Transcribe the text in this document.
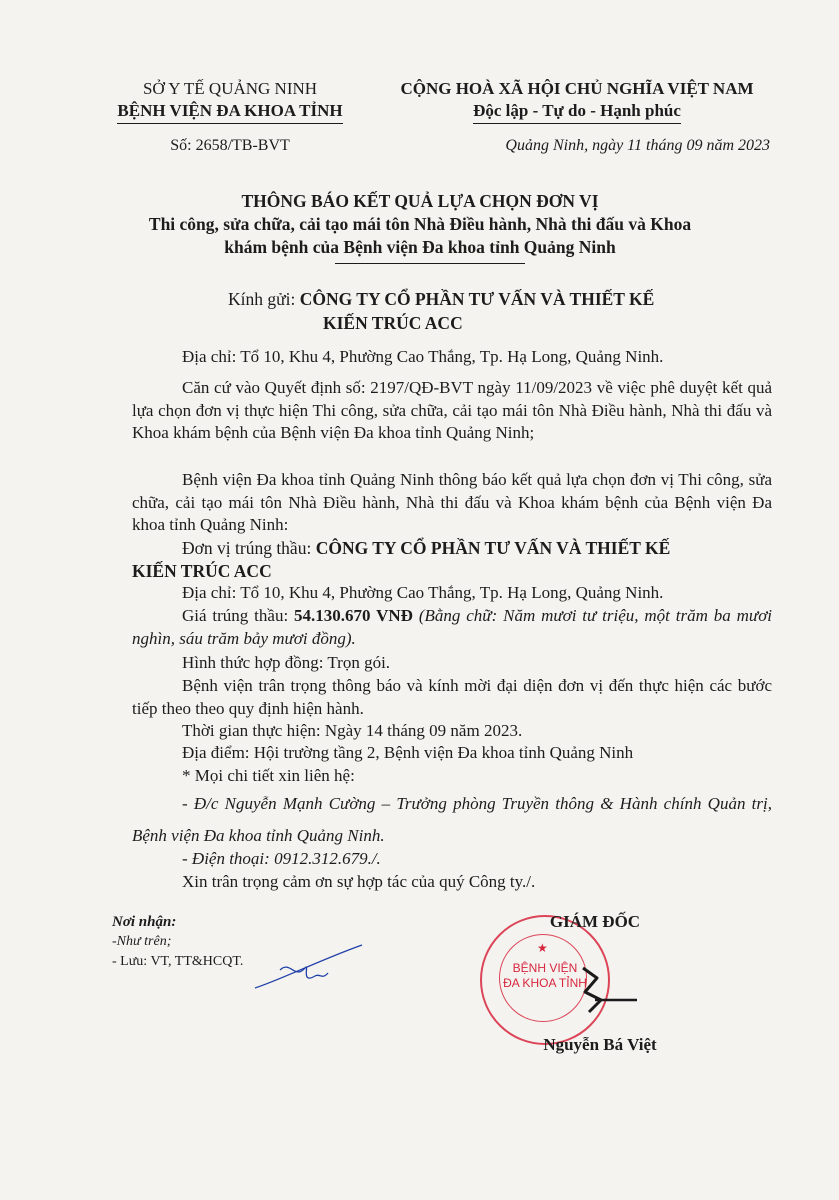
SỞ Y TẾ QUẢNG NINH
BỆNH VIỆN ĐA KHOA TỈNH
CỘNG HOÀ XÃ HỘI CHỦ NGHĨA VIỆT NAM
Độc lập - Tự do - Hạnh phúc
Số: 2658/TB-BVT	Quảng Ninh, ngày 11 tháng 09 năm 2023
THÔNG BÁO KẾT QUẢ LỰA CHỌN ĐƠN VỊ
Thi công, sửa chữa, cải tạo mái tôn Nhà Điều hành, Nhà thi đấu và Khoa
khám bệnh của Bệnh viện Đa khoa tỉnh Quảng Ninh
Kính gửi: CÔNG TY CỔ PHẦN TƯ VẤN VÀ THIẾT KẾ
KIẾN TRÚC ACC
Địa chỉ: Tổ 10, Khu 4, Phường Cao Thắng, Tp. Hạ Long, Quảng Ninh.
Căn cứ vào Quyết định số: 2197/QĐ-BVT ngày 11/09/2023 về việc phê duyệt kết quả lựa chọn đơn vị thực hiện Thi công, sửa chữa, cải tạo mái tôn Nhà Điều hành, Nhà thi đấu và Khoa khám bệnh của Bệnh viện Đa khoa tỉnh Quảng Ninh;
Bệnh viện Đa khoa tỉnh Quảng Ninh thông báo kết quả lựa chọn đơn vị Thi công, sửa chữa, cải tạo mái tôn Nhà Điều hành, Nhà thi đấu và Khoa khám bệnh của Bệnh viện Đa khoa tỉnh Quảng Ninh:
Đơn vị trúng thầu: CÔNG TY CỔ PHẦN TƯ VẤN VÀ THIẾT KẾ
KIẾN TRÚC ACC
Địa chỉ: Tổ 10, Khu 4, Phường Cao Thắng, Tp. Hạ Long, Quảng Ninh.
Giá trúng thầu: 54.130.670 VNĐ (Bằng chữ: Năm mươi tư triệu, một trăm ba mươi nghìn, sáu trăm bảy mươi đồng).
Hình thức hợp đồng: Trọn gói.
Bệnh viện trân trọng thông báo và kính mời đại diện đơn vị đến thực hiện các bước tiếp theo theo quy định hiện hành.
Thời gian thực hiện: Ngày 14 tháng 09 năm 2023.
Địa điểm: Hội trường tầng 2, Bệnh viện Đa khoa tỉnh Quảng Ninh
* Mọi chi tiết xin liên hệ:
- Đ/c Nguyễn Mạnh Cường – Trưởng phòng Truyền thông & Hành chính Quản trị, Bệnh viện Đa khoa tỉnh Quảng Ninh.
- Điện thoại: 0912.312.679./.
Xin trân trọng cảm ơn sự hợp tác của quý Công ty./.
Nơi nhận:
-Như trên;
- Lưu: VT, TT&HCQT.
★
BỆNH VIỆN
ĐA KHOA TỈNH
GIÁM ĐỐC
Nguyễn Bá Việt
